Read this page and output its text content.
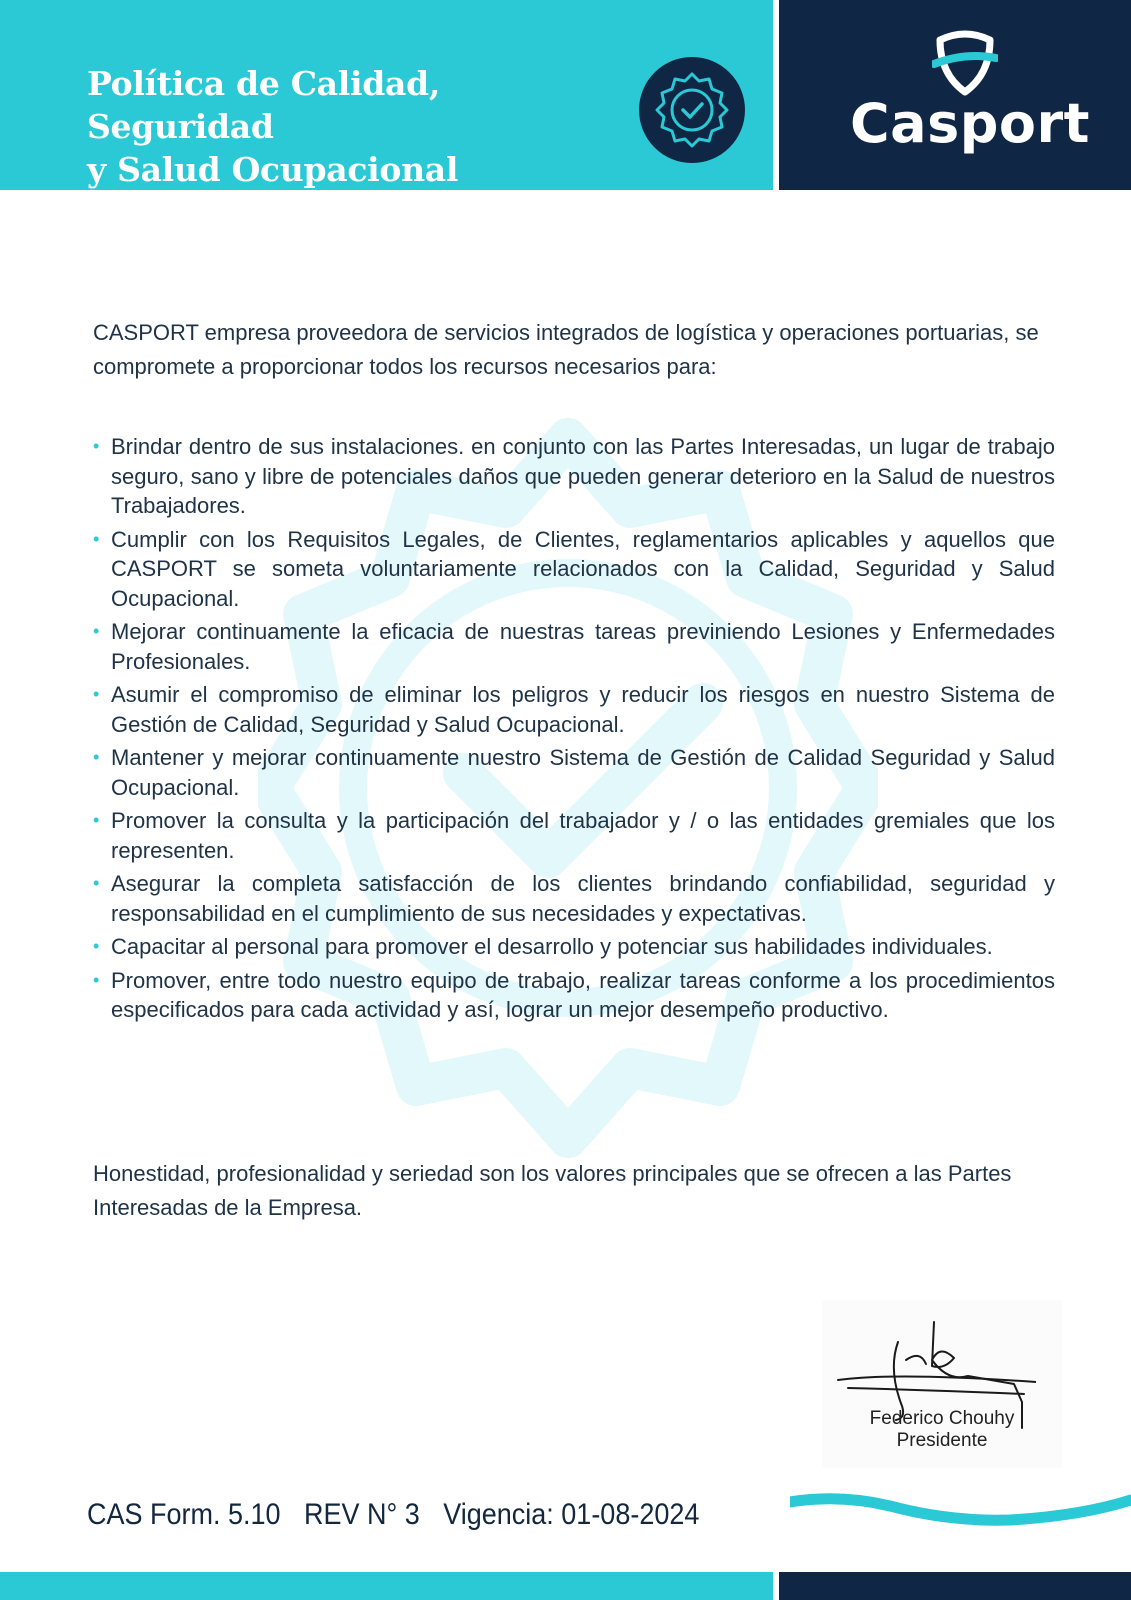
Política de Calidad, Seguridad
y Salud Ocupacional
Casport

CASPORT empresa proveedora de servicios integrados de logística y operaciones portuarias, se compromete a proporcionar todos los recursos necesarios para:

• Brindar dentro de sus instalaciones. en conjunto con las Partes Interesadas, un lugar de trabajo seguro, sano y libre de potenciales daños que pueden generar deterioro en la Salud de nuestros Trabajadores.
• Cumplir con los Requisitos Legales, de Clientes, reglamentarios aplicables y aquellos que CASPORT se someta voluntariamente relacionados con la Calidad, Seguridad y Salud Ocupacional.
• Mejorar continuamente la eficacia de nuestras tareas previniendo Lesiones y Enfermedades Profesionales.
• Asumir el compromiso de eliminar los peligros y reducir los riesgos en nuestro Sistema de Gestión de Calidad, Seguridad y Salud Ocupacional.
• Mantener y mejorar continuamente nuestro Sistema de Gestión de Calidad Seguridad y Salud Ocupacional.
• Promover la consulta y la participación del trabajador y / o las entidades gremiales que los representen.
• Asegurar la completa satisfacción de los clientes brindando confiabilidad, seguridad y responsabilidad en el cumplimiento de sus necesidades y expectativas.
• Capacitar al personal para promover el desarrollo y potenciar sus habilidades individuales.
• Promover, entre todo nuestro equipo de trabajo, realizar tareas conforme a los procedimientos especificados para cada actividad y así, lograr un mejor desempeño productivo.

Honestidad, profesionalidad y seriedad son los valores principales que se ofrecen a las Partes Interesadas de la Empresa.

Federico Chouhy
Presidente
CAS Form. 5.10 REV N° 3 Vigencia: 01-08-2024
